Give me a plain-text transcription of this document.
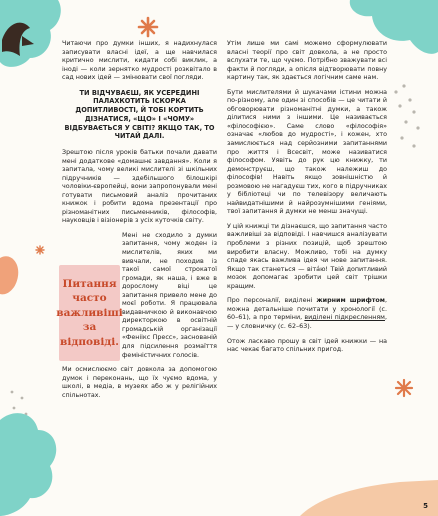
Читаючи про думки інших, я надихнулася записувати власні ідеї, а ще навчилася критично мислити, кидати собі виклик, а іноді — коли зернятко мудрості розквітало в сад нових ідей — змінювати свої погляди.

ТИ ВІДЧУВАЄШ, ЯК УСЕРЕДИНІ ПАЛАХКОТИТЬ ІСКОРКА ДОПИТЛИВОСТІ, Й ТОБІ КОРТИТЬ ДІЗНАТИСЯ, «ЩО» І «ЧОМУ» ВІДБУВАЄТЬСЯ У СВІТІ? ЯКЩО ТАК, ТО ЧИТАЙ ДАЛІ.

Зрештою після уроків батьки почали давати мені додаткове «домашнє завдання». Коли я запитала, чому великі мислителі зі шкільних підручників — здебільшого білошкірі чоловіки-європейці, вони запропонували мені готувати письмовий аналіз прочитаних книжок і робити вдома презентації про різноманітних письменників, філософів, науковців і візіонерів з усіх куточків світу.

Мені не сходило з думки запитання, чому жоден із мислителів, яких ми вивчали, не походив із такої самої строкатої громади, як наша, і вже в дорослому віці це запитання привело мене до моєї роботи. Я працювала видавничкою й виконавчою директоркою в освітній громадській організації «Феніікс Пресс», заснованій для підсилення розмаїття феміністичних голосів.

Ми осмислюємо світ довкола за допомогою думок і переконань, що їх чуємо вдома, у школі, в медіа, в музеях або ж у релігійних спільнотах.

Питання часто важливіші за відповіді.

Утім лише ми самі можемо сформулювати власні теорії про світ довкола, а не просто вслухати те, що чуємо. Потрібно зважувати всі факти й погляди, а опісля відтворювати повну картину так, як здається логічним саме нам.

Бути мислителями й шукачами істини можна по-різному, але один зі способів — це читати й обговорювати різноманітні думки, а також ділитися ними з іншими. Це називається «філософією». Саме слово «філософія» означає «любов до мудрості», і кожен, хто замислюється над серйозними запитаннями про життя і Всесвіт, може називатися філософом. Уявіть до рук цю книжку, ти демонструєш, що також належиш до філософів! Навіть якщо зовнішністю й розмовою не нагадуєш тих, кого в підручниках у бібліотеці чи по телевізору величають найвидатнішими й найрозумнішими геніями, твої запитання й думки не менш значущі.

У цій книжці ти дізнаєшся, що запитання часто важливіші за відповіді. І навчишся аналізувати проблеми з різних позицій, щоб зрештою виробити власну. Можливо, тобі на думку спаде якась важлива ідея чи нове запитання. Якщо так станеться — віта́ю! Твій допитливий мозок допомагає зробити цей світ трішки кращим.

Про персоналії, виділені жирним шрифтом, можна детальніше почитати у хронології (с. 60–61), а про терміни, виділені підкресленням, — у словничку (с. 62–63).

Отож ласкаво прошу в світ ідей книжки — на нас чекає багато спільних пригод.

5
